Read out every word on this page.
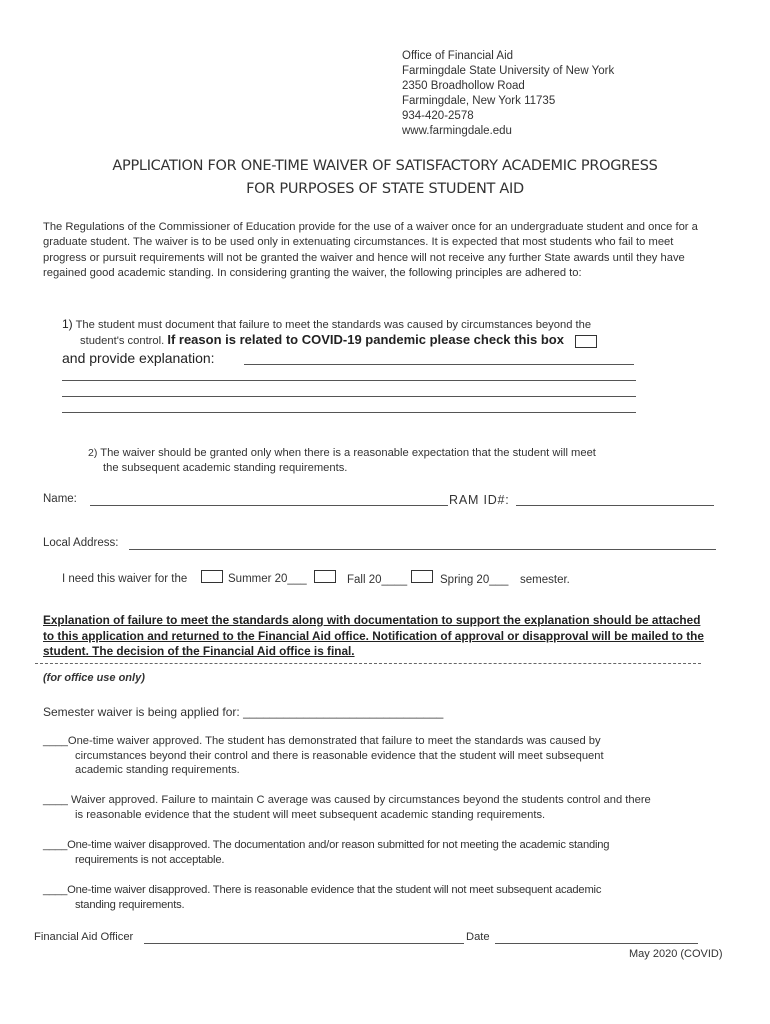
Office of Financial Aid
Farmingdale State University of New York
2350 Broadhollow Road
Farmingdale, New York 11735
934-420-2578
www.farmingdale.edu
APPLICATION FOR ONE-TIME WAIVER OF SATISFACTORY ACADEMIC PROGRESS
FOR PURPOSES OF STATE STUDENT AID
The Regulations of the Commissioner of Education provide for the use of a waiver once for an undergraduate student and once for a graduate student. The waiver is to be used only in extenuating circumstances. It is expected that most students who fail to meet progress or pursuit requirements will not be granted the waiver and hence will not receive any further State awards until they have regained good academic standing. In considering granting the waiver, the following principles are adhered to:
1) The student must document that failure to meet the standards was caused by circumstances beyond the
student's control. If reason is related to COVID-19 pandemic please check this box
and provide explanation:
2) The waiver should be granted only when there is a reasonable expectation that the student will meet
the subsequent academic standing requirements.
Name:	RAM ID#:
Local Address:
I need this waiver for the	Summer 20___	Fall 20____	Spring 20___ semester.
Explanation of failure to meet the standards along with documentation to support the explanation should be attached to this application and returned to the Financial Aid office. Notification of approval or disapproval will be mailed to the student. The decision of the Financial Aid office is final.
(for office use only)
Semester waiver is being applied for: ______________________________
____One-time waiver approved. The student has demonstrated that failure to meet the standards was caused by
circumstances beyond their control and there is reasonable evidence that the student will meet subsequent
academic standing requirements.
____ Waiver approved. Failure to maintain C average was caused by circumstances beyond the students control and there
is reasonable evidence that the student will meet subsequent academic standing requirements.
____One-time waiver disapproved. The documentation and/or reason submitted for not meeting the academic standing
requirements is not acceptable.
____One-time waiver disapproved. There is reasonable evidence that the student will not meet subsequent academic
standing requirements.
Financial Aid Officer	Date
May 2020 (COVID)
